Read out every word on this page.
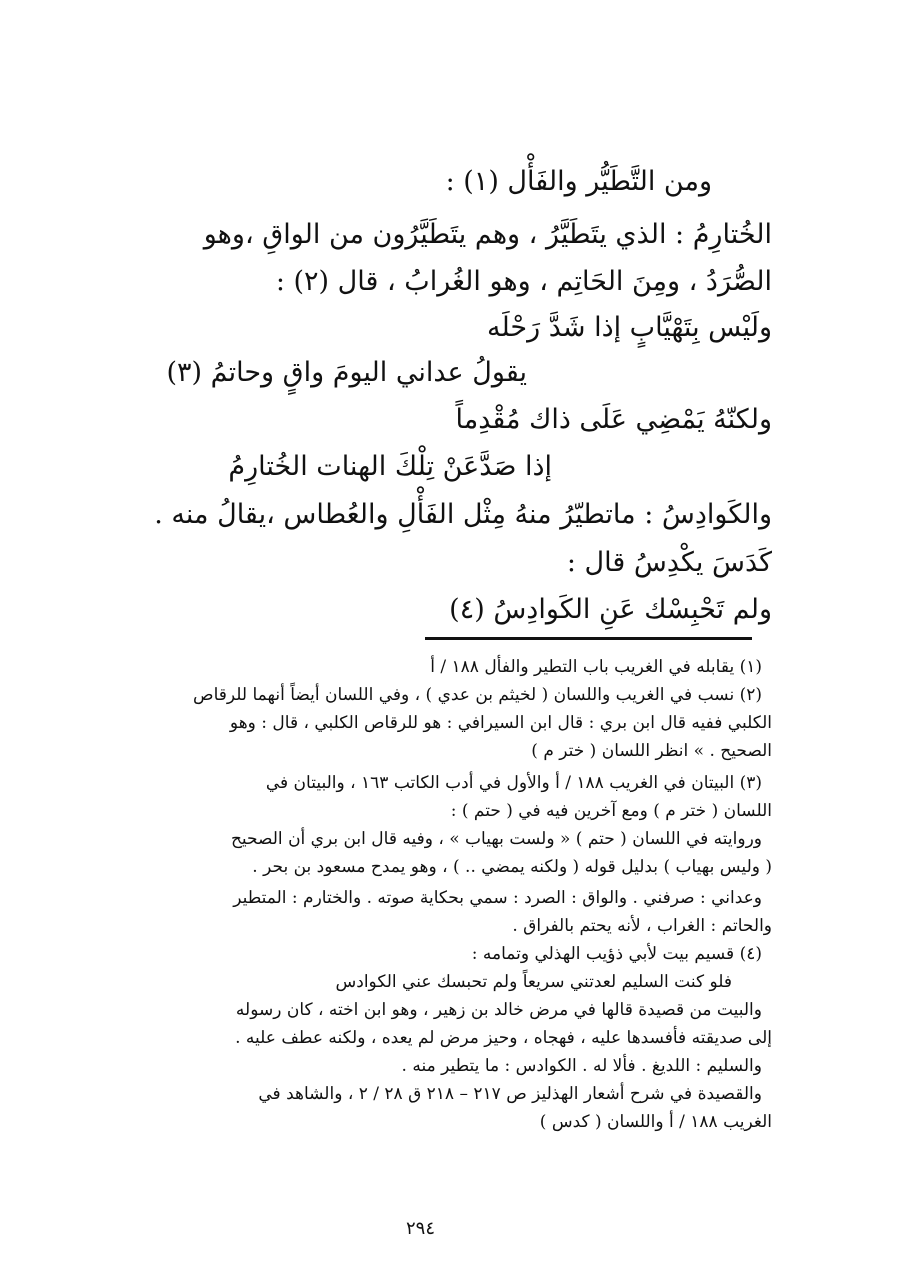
ومن التَّطَيُّر والفَأْل (١) :
الخُتارِمُ : الذي يتَطَيَّرُ ، وهم يتَطَيَّرُون من الواقِ ،وهو
الصُّرَدُ ، ومِنَ الحَاتِم ، وهو الغُرابُ ، قال (٢) :
ولَيْس بِتَهْيَّابٍ إذا شَدَّ رَحْلَه
يقولُ عداني اليومَ واقٍ وحاتمُ (٣)
ولكنّهُ يَمْضِي عَلَى ذاك مُقْدِماً
إذا صَدَّعَنْ تِلْكَ الهنات الخُتارِمُ
والكَوادِسُ : ماتطيّرُ منهُ مِثْل الفَأْلِ والعُطاس ،يقالُ منه .
كَدَسَ يكْدِسُ قال :
ولم تَحْبِسْك عَنِ الكَوادِسُ (٤)
(١) يقابله في الغريب باب التطير والفأل ١٨٨ / أ
(٢) نسب في الغريب واللسان ( لخيثم بن عدي ) ، وفي اللسان أيضاً أنهما للرقاص
الكلبي ففيه قال ابن بري : قال ابن السيرافي : هو للرقاص الكلبي ، قال : وهو
الصحيح . » انظر اللسان ( ختر م )
(٣) البيتان في الغريب ١٨٨ / أ والأول في أدب الكاتب ١٦٣ ، والبيتان في
اللسان ( ختر م ) ومع آخرين فيه في ( حتم ) :
وروايته في اللسان ( حتم ) « ولست بهياب » ، وفيه قال ابن بري أن الصحيح
( وليس بهياب ) بدليل قوله ( ولكنه يمضي .. ) ، وهو يمدح مسعود بن بحر .
وعداني : صرفني . والواق : الصرد : سمي بحكاية صوته . والختارم : المتطير
والحاتم : الغراب ، لأنه يحتم بالفراق .
(٤) قسيم بيت لأبي ذؤيب الهذلي وتمامه :
فلو كنت السليم لعدتني سريعاً ولم تحبسك عني الكوادس
والبيت من قصيدة قالها في مرض خالد بن زهير ، وهو ابن اخته ، كان رسوله
إلى صديقته فأفسدها عليه ، فهجاه ، وحيز مرض لم يعده ، ولكنه عطف عليه .
والسليم : اللديغ . فألا له . الكوادس : ما يتطير منه .
والقصيدة في شرح أشعار الهذليز ص ٢١٧ – ٢١٨ ق ٢٨ / ٢ ، والشاهد في
الغريب ١٨٨ / أ واللسان ( كدس )
٢٩٤
